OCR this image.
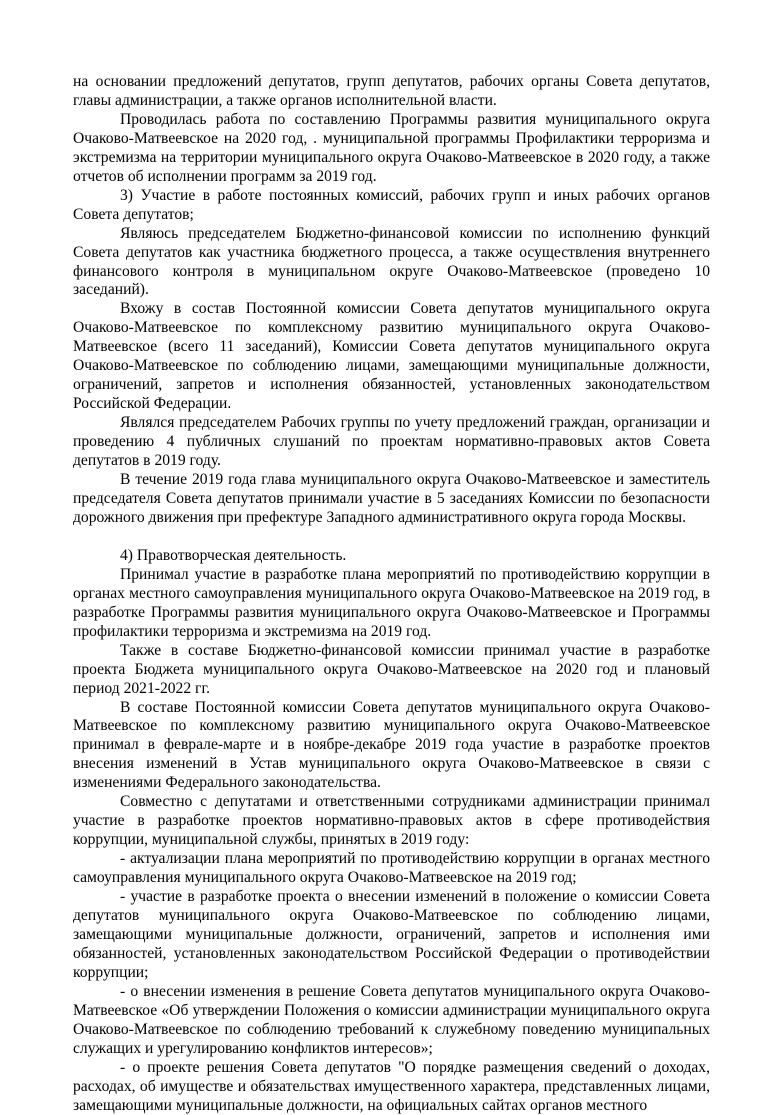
на основании предложений депутатов, групп депутатов, рабочих органы Совета депутатов, главы администрации, а также органов исполнительной власти.

Проводилась работа по составлению Программы развития муниципального округа Очаково-Матвеевское на 2020 год, . муниципальной программы Профилактики терроризма и экстремизма на территории муниципального округа Очаково-Матвеевское в 2020 году, а также отчетов об исполнении программ за 2019 год.

3) Участие в работе постоянных комиссий, рабочих групп и иных рабочих органов Совета депутатов;

Являюсь председателем Бюджетно-финансовой комиссии по исполнению функций Совета депутатов как участника бюджетного процесса, а также осуществления внутреннего финансового контроля в муниципальном округе Очаково-Матвеевское (проведено 10 заседаний).

Вхожу в состав Постоянной комиссии Совета депутатов муниципального округа Очаково-Матвеевское по комплексному развитию муниципального округа Очаково-Матвеевское (всего 11 заседаний), Комиссии Совета депутатов муниципального округа Очаково-Матвеевское по соблюдению лицами, замещающими муниципальные должности, ограничений, запретов и исполнения обязанностей, установленных законодательством Российской Федерации.

Являлся председателем Рабочих группы по учету предложений граждан, организации и проведению 4 публичных слушаний по проектам нормативно-правовых актов Совета депутатов в 2019 году.

В течение 2019 года глава муниципального округа Очаково-Матвеевское и заместитель председателя Совета депутатов принимали участие в 5 заседаниях Комиссии по безопасности дорожного движения при префектуре Западного административного округа города Москвы.

4) Правотворческая деятельность.

Принимал участие в разработке плана мероприятий по противодействию коррупции в органах местного самоуправления муниципального округа Очаково-Матвеевское на 2019 год, в разработке Программы развития муниципального округа Очаково-Матвеевское и Программы профилактики терроризма и экстремизма на 2019 год.

Также в составе Бюджетно-финансовой комиссии принимал участие в разработке проекта Бюджета муниципального округа Очаково-Матвеевское на 2020 год и плановый период 2021-2022 гг.

В составе Постоянной комиссии Совета депутатов муниципального округа Очаково-Матвеевское по комплексному развитию муниципального округа Очаково-Матвеевское принимал в феврале-марте и в ноябре-декабре 2019 года участие в разработке проектов внесения изменений в Устав муниципального округа Очаково-Матвеевское в связи с изменениями Федерального законодательства.

Совместно с депутатами и ответственными сотрудниками администрации принимал участие в разработке проектов нормативно-правовых актов в сфере противодействия коррупции, муниципальной службы, принятых в 2019 году:

- актуализации плана мероприятий по противодействию коррупции в органах местного самоуправления муниципального округа Очаково-Матвеевское на 2019 год;

- участие в разработке проекта о внесении изменений в положение о комиссии Совета депутатов муниципального округа Очаково-Матвеевское по соблюдению лицами, замещающими муниципальные должности, ограничений, запретов и исполнения ими обязанностей, установленных законодательством Российской Федерации о противодействии коррупции;

- о внесении изменения в решение Совета депутатов муниципального округа Очаково-Матвеевское «Об утверждении Положения о комиссии администрации муниципального округа Очаково-Матвеевское по соблюдению требований к служебному поведению муниципальных служащих и урегулированию конфликтов интересов»;

- о проекте решения Совета депутатов "О порядке размещения сведений о доходах, расходах, об имуществе и обязательствах имущественного характера, представленных лицами, замещающими муниципальные должности, на официальных сайтах органов местного
